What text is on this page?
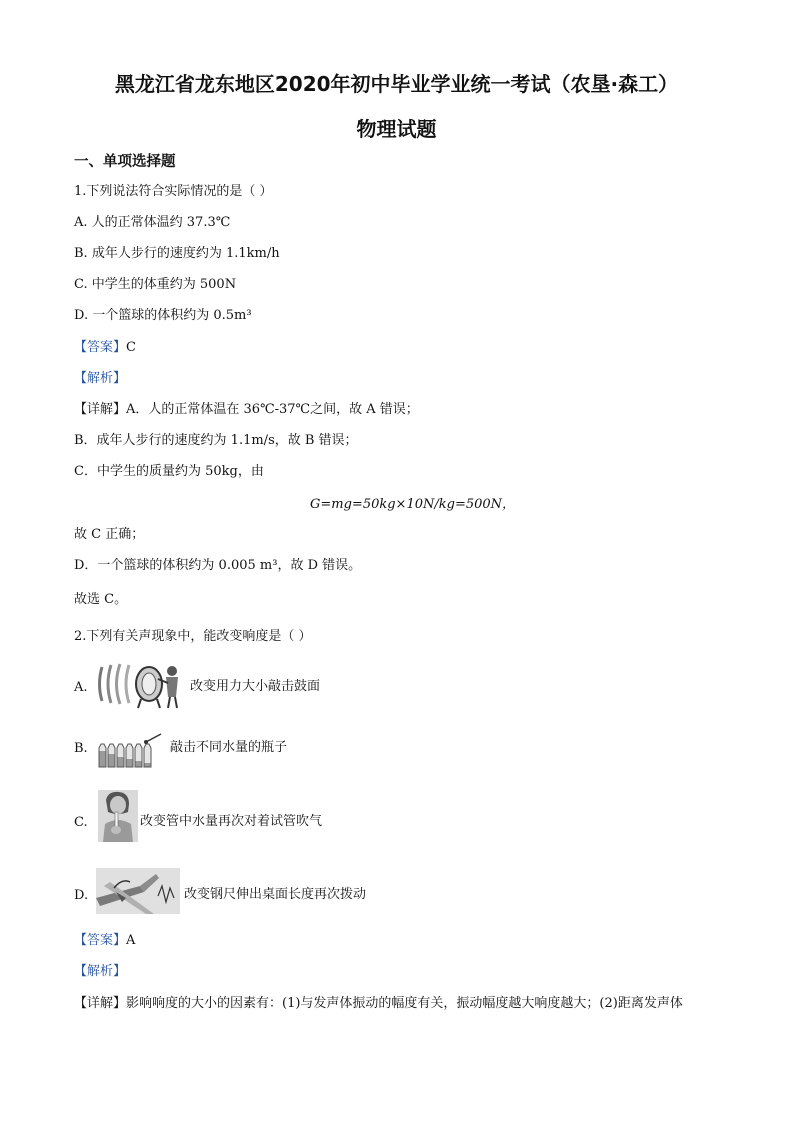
黑龙江省龙东地区2020年初中毕业学业统一考试（农垦·森工）
物理试题
一、单项选择题
1.下列说法符合实际情况的是（ ）
A. 人的正常体温约 37.3℃
B. 成年人步行的速度约为 1.1km/h
C. 中学生的体重约为 500N
D. 一个篮球的体积约为 0.5m³
【答案】C
【解析】
【详解】A．人的正常体温在 36℃-37℃之间，故 A 错误；
B．成年人步行的速度约为 1.1m/s，故 B 错误；
C．中学生的质量约为 50kg，由
G=mg=50kg×10N/kg=500N，
故 C 正确；
D．一个篮球的体积约为 0.005 m³，故 D 错误。
故选 C。
2.下列有关声现象中，能改变响度是（ ）
A.	改变用力大小敲击鼓面
B.	敲击不同水量的瓶子
C.	改变管中水量再次对着试管吹气
D.	改变钢尺伸出桌面长度再次拨动
【答案】A
【解析】
【详解】影响响度的大小的因素有：(1)与发声体振动的幅度有关，振动幅度越大响度越大；(2)距离发声体
